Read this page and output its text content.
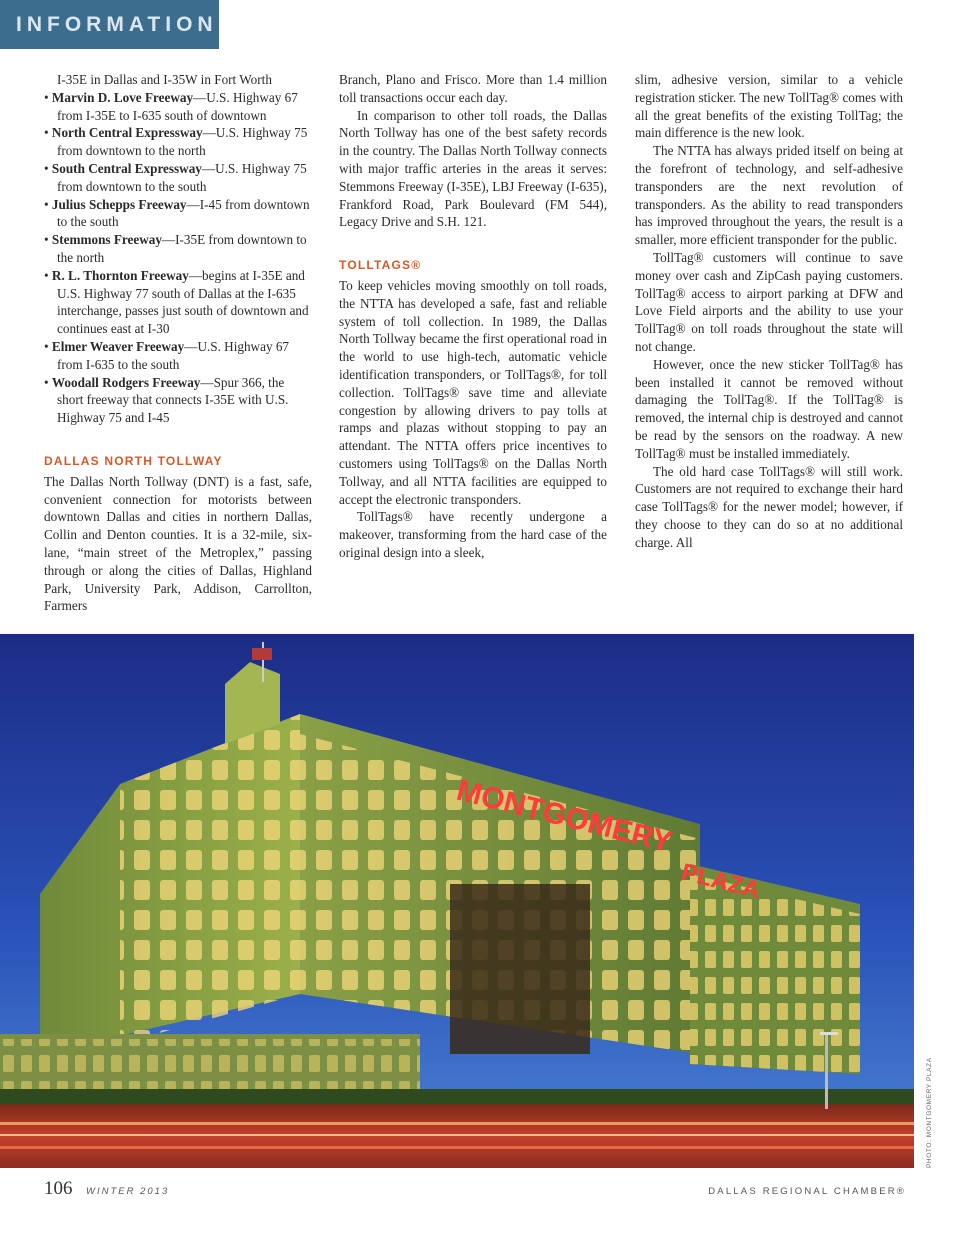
INFORMATION

I-35E in Dallas and I-35W in Fort Worth

• Marvin D. Love Freeway—U.S. Highway 67 from I-35E to I-635 south of downtown

• North Central Expressway—U.S. Highway 75 from downtown to the north

• South Central Expressway—U.S. Highway 75 from downtown to the south

• Julius Schepps Freeway—I-45 from downtown to the south

• Stemmons Freeway—I-35E from downtown to the north

• R. L. Thornton Freeway—begins at I-35E and U.S. Highway 77 south of Dallas at the I-635 interchange, passes just south of downtown and continues east at I-30

• Elmer Weaver Freeway—U.S. Highway 67 from I-635 to the south

• Woodall Rodgers Freeway—Spur 366, the short freeway that connects I-35E with U.S. Highway 75 and I-45

DALLAS NORTH TOLLWAY

The Dallas North Tollway (DNT) is a fast, safe, convenient connection for motorists between downtown Dallas and cities in northern Dallas, Collin and Denton counties. It is a 32-mile, six-lane, “main street of the Metroplex,” passing through or along the cities of Dallas, Highland Park, University Park, Addison, Carrollton, Farmers

Branch, Plano and Frisco. More than 1.4 million toll transactions occur each day.

In comparison to other toll roads, the Dallas North Tollway has one of the best safety records in the country. The Dallas North Tollway connects with major traffic arteries in the areas it serves: Stemmons Freeway (I-35E), LBJ Freeway (I-635), Frankford Road, Park Boulevard (FM 544), Legacy Drive and S.H. 121.

TOLLTAGS®

To keep vehicles moving smoothly on toll roads, the NTTA has developed a safe, fast and reliable system of toll collection. In 1989, the Dallas North Tollway became the first operational road in the world to use high-tech, automatic vehicle identification transponders, or TollTags®, for toll collection. TollTags® save time and alleviate congestion by allowing drivers to pay tolls at ramps and plazas without stopping to pay an attendant. The NTTA offers price incentives to customers using TollTags® on the Dallas North Tollway, and all NTTA facilities are equipped to accept the electronic transponders.

TollTags® have recently undergone a makeover, transforming from the hard case of the original design into a sleek,

slim, adhesive version, similar to a vehicle registration sticker. The new TollTag® comes with all the great benefits of the existing TollTag; the main difference is the new look.

The NTTA has always prided itself on being at the forefront of technology, and self-adhesive transponders are the next revolution of transponders. As the ability to read transponders has improved throughout the years, the result is a smaller, more efficient transponder for the public.

TollTag® customers will continue to save money over cash and ZipCash paying customers. TollTag® access to airport parking at DFW and Love Field airports and the ability to use your TollTag® on toll roads throughout the state will not change.

However, once the new sticker TollTag® has been installed it cannot be removed without damaging the TollTag®. If the TollTag® is removed, the internal chip is destroyed and cannot be read by the sensors on the roadway. A new TollTag® must be installed immediately.

The old hard case TollTags® will still work. Customers are not required to exchange their hard case TollTags® for the newer model; however, if they choose to they can do so at no additional charge. All

MONTGOMERY
PLAZA
PHOTO: MONTGOMERY PLAZA
106 WINTER 2013	DALLAS REGIONAL CHAMBER®
